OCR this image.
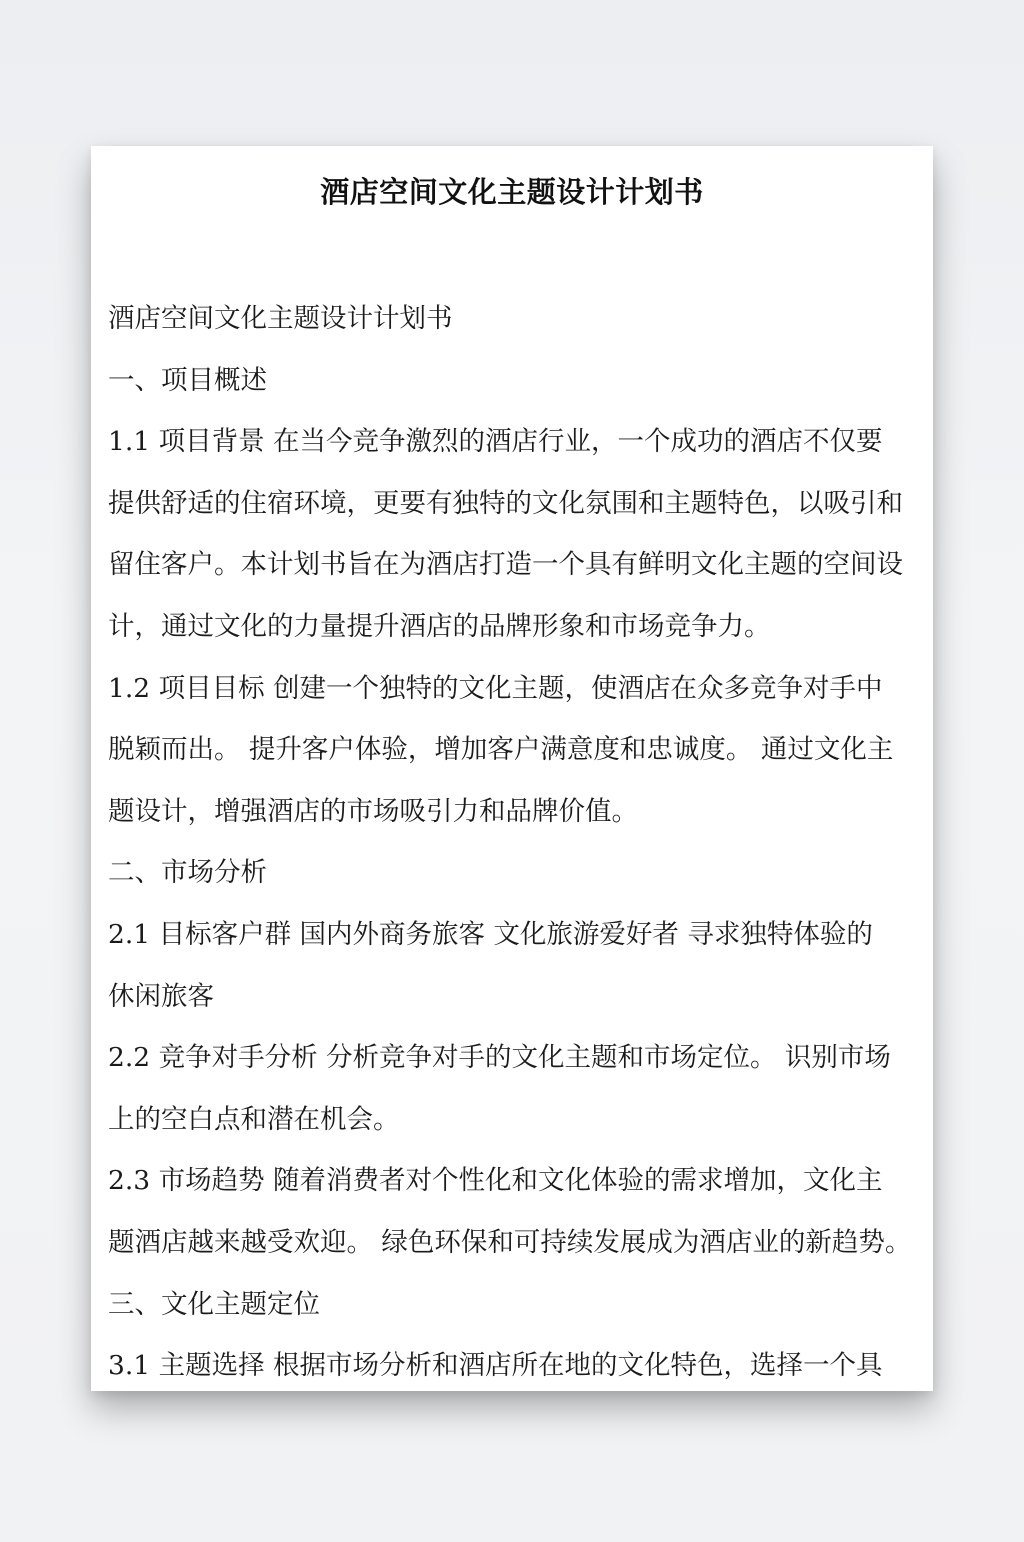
酒店空间文化主题设计计划书

酒店空间文化主题设计计划书

一、项目概述

1.1 项目背景 在当今竞争激烈的酒店行业，一个成功的酒店不仅要

提供舒适的住宿环境，更要有独特的文化氛围和主题特色，以吸引和

留住客户。本计划书旨在为酒店打造一个具有鲜明文化主题的空间设

计，通过文化的力量提升酒店的品牌形象和市场竞争力。

1.2 项目目标 创建一个独特的文化主题，使酒店在众多竞争对手中

脱颖而出。 提升客户体验，增加客户满意度和忠诚度。 通过文化主

题设计，增强酒店的市场吸引力和品牌价值。

二、市场分析

2.1 目标客户群 国内外商务旅客 文化旅游爱好者 寻求独特体验的

休闲旅客

2.2 竞争对手分析 分析竞争对手的文化主题和市场定位。 识别市场

上的空白点和潜在机会。

2.3 市场趋势 随着消费者对个性化和文化体验的需求增加，文化主

题酒店越来越受欢迎。 绿色环保和可持续发展成为酒店业的新趋势。

三、文化主题定位

3.1 主题选择 根据市场分析和酒店所在地的文化特色，选择一个具
